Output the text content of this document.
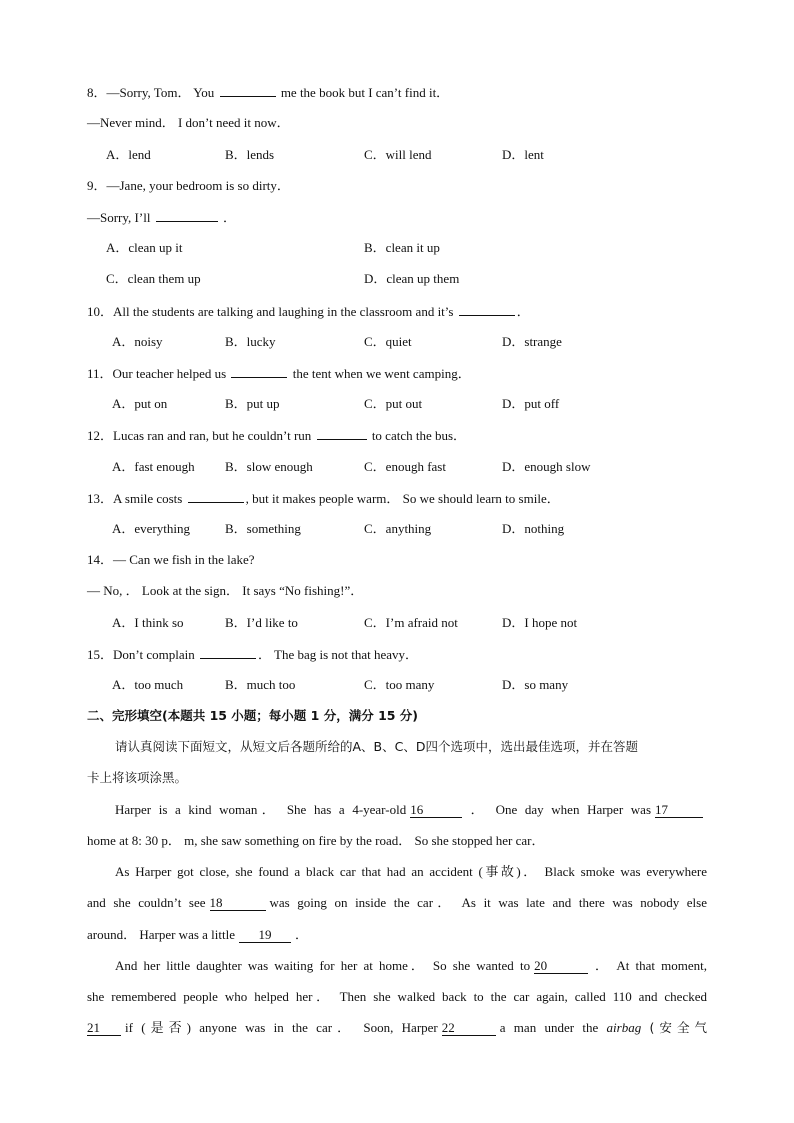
8．—Sorry, Tom． You	me the book but I can’t find it．
—Never mind． I don’t need it now．
A．lend	B．lends	C．will lend	D．lent
9．—Jane, your bedroom is so dirty．
—Sorry, I’ll	．
A．clean up it	B．clean it up
C．clean them up	D．clean up them
10．All the students are talking and laughing in the classroom and it’s	．
A．noisy	B．lucky	C．quiet	D．strange
11．Our teacher helped us	the tent when we went camping．
A．put on	B．put up	C．put out	D．put off
12．Lucas ran and ran, but he couldn’t run	to catch the bus．
A．fast enough B．slow enough	C．enough fast	D．enough slow
13．A smile costs	, but it makes people warm． So we should learn to smile．
A．everything	B．something	C．anything	D．nothing
14．— Can we fish in the lake?
— No, ． Look at the sign． It says “No fishing!”．
A．I think so	B．I’d like to	C．I’m afraid not	D．I hope not
15．Don’t complain	． The bag is not that heavy．
A．too much	B．much too	C．too many	D．so many
二、完形填空(本题共 15 小题；每小题 1 分，满分 15 分)
请认真阅读下面短文，从短文后各题所给的A、B、C、D四个选项中，选出最佳选项，并在答题
卡上将该项涂黑。
Harper is a kind woman． She has a 4-year-old 16	． One day when Harper was 17
home at 8: 30 p． m, she saw something on fire by the road． So she stopped her car．
As Harper got close, she found a black car that had an accident (事故)． Black smoke was everywhere
and she couldn’t see 18	was going on inside the car． As it was late and there was nobody else
around． Harper was a little 19 ．
And her little daughter was waiting for her at home． So she wanted to 20	． At that moment,
she remembered people who helped her． Then she walked back to the car again, called 110 and checked
21 if (是否) anyone was in the car． Soon, Harper 22	a man under the airbag (安全气
